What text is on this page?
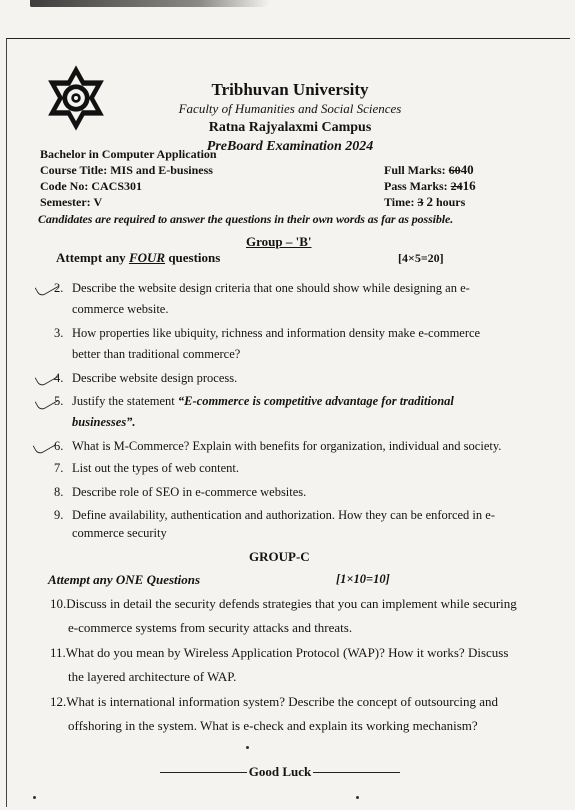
Tribhuvan University
Faculty of Humanities and Social Sciences
Ratna Rajyalaxmi Campus
PreBoard Examination 2024
Bachelor in Computer Application
Course Title: MIS and E-business
Code No: CACS301
Semester: V
Full Marks: 6040
Pass Marks: 2416
Time: 3 2 hours
Candidates are required to answer the questions in their own words as far as possible.
Group – 'B'
Attempt any FOUR questions	[4×5=20]
2. Describe the website design criteria that one should show while designing an e-
commerce website.
3. How properties like ubiquity, richness and information density make e-commerce
better than traditional commerce?
4. Describe website design process.
5. Justify the statement “E-commerce is competitive advantage for traditional
businesses”.
6. What is M-Commerce? Explain with benefits for organization, individual and society.
7. List out the types of web content.
8. Describe role of SEO in e-commerce websites.
9. Define availability, authentication and authorization. How they can be enforced in e-
commerce security
GROUP-C
Attempt any ONE Questions	[1×10=10]
10.Discuss in detail the security defends strategies that you can implement while securing
e-commerce systems from security attacks and threats.
11.What do you mean by Wireless Application Protocol (WAP)? How it works? Discuss
the layered architecture of WAP.
12.What is international information system? Describe the concept of outsourcing and
offshoring in the system. What is e-check and explain its working mechanism?
Good Luck
